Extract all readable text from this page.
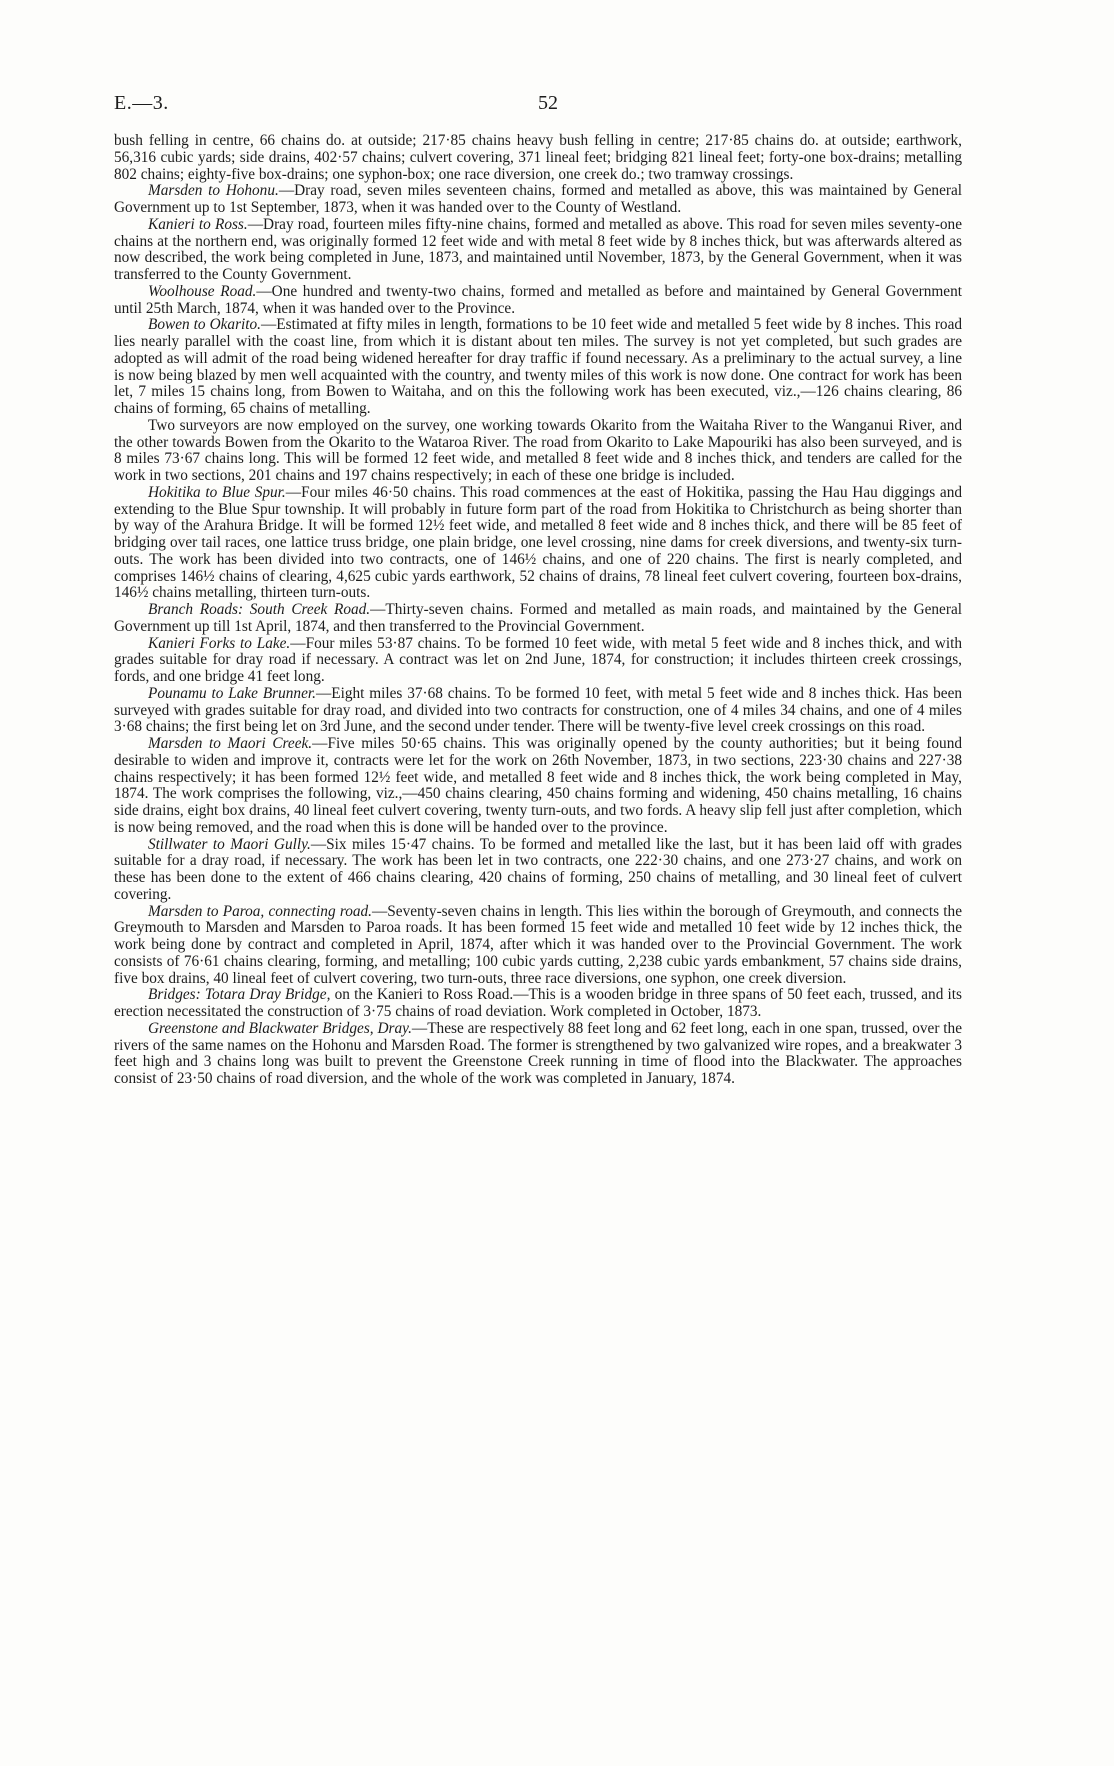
E.—3.	52

bush felling in centre, 66 chains do. at outside; 217·85 chains heavy bush felling in centre; 217·85 chains do. at outside; earthwork, 56,316 cubic yards; side drains, 402·57 chains; culvert covering, 371 lineal feet; bridging 821 lineal feet; forty-one box-drains; metalling 802 chains; eighty-five box-drains; one syphon-box; one race diversion, one creek do.; two tramway crossings.

Marsden to Hohonu.—Dray road, seven miles seventeen chains, formed and metalled as above, this was maintained by General Government up to 1st September, 1873, when it was handed over to the County of Westland.

Kanieri to Ross.—Dray road, fourteen miles fifty-nine chains, formed and metalled as above. This road for seven miles seventy-one chains at the northern end, was originally formed 12 feet wide and with metal 8 feet wide by 8 inches thick, but was afterwards altered as now described, the work being completed in June, 1873, and maintained until November, 1873, by the General Government, when it was transferred to the County Government.

Woolhouse Road.—One hundred and twenty-two chains, formed and metalled as before and maintained by General Government until 25th March, 1874, when it was handed over to the Province.

Bowen to Okarito.—Estimated at fifty miles in length, formations to be 10 feet wide and metalled 5 feet wide by 8 inches. This road lies nearly parallel with the coast line, from which it is distant about ten miles. The survey is not yet completed, but such grades are adopted as will admit of the road being widened hereafter for dray traffic if found necessary. As a preliminary to the actual survey, a line is now being blazed by men well acquainted with the country, and twenty miles of this work is now done. One contract for work has been let, 7 miles 15 chains long, from Bowen to Waitaha, and on this the following work has been executed, viz.,—126 chains clearing, 86 chains of forming, 65 chains of metalling.

Two surveyors are now employed on the survey, one working towards Okarito from the Waitaha River to the Wanganui River, and the other towards Bowen from the Okarito to the Wataroa River. The road from Okarito to Lake Mapouriki has also been surveyed, and is 8 miles 73·67 chains long. This will be formed 12 feet wide, and metalled 8 feet wide and 8 inches thick, and tenders are called for the work in two sections, 201 chains and 197 chains respectively; in each of these one bridge is included.

Hokitika to Blue Spur.—Four miles 46·50 chains. This road commences at the east of Hokitika, passing the Hau Hau diggings and extending to the Blue Spur township. It will probably in future form part of the road from Hokitika to Christchurch as being shorter than by way of the Arahura Bridge. It will be formed 12½ feet wide, and metalled 8 feet wide and 8 inches thick, and there will be 85 feet of bridging over tail races, one lattice truss bridge, one plain bridge, one level crossing, nine dams for creek diversions, and twenty-six turn-outs. The work has been divided into two contracts, one of 146½ chains, and one of 220 chains. The first is nearly completed, and comprises 146½ chains of clearing, 4,625 cubic yards earthwork, 52 chains of drains, 78 lineal feet culvert covering, fourteen box-drains, 146½ chains metalling, thirteen turn-outs.

Branch Roads: South Creek Road.—Thirty-seven chains. Formed and metalled as main roads, and maintained by the General Government up till 1st April, 1874, and then transferred to the Provincial Government.

Kanieri Forks to Lake.—Four miles 53·87 chains. To be formed 10 feet wide, with metal 5 feet wide and 8 inches thick, and with grades suitable for dray road if necessary. A contract was let on 2nd June, 1874, for construction; it includes thirteen creek crossings, fords, and one bridge 41 feet long.

Pounamu to Lake Brunner.—Eight miles 37·68 chains. To be formed 10 feet, with metal 5 feet wide and 8 inches thick. Has been surveyed with grades suitable for dray road, and divided into two contracts for construction, one of 4 miles 34 chains, and one of 4 miles 3·68 chains; the first being let on 3rd June, and the second under tender. There will be twenty-five level creek crossings on this road.

Marsden to Maori Creek.—Five miles 50·65 chains. This was originally opened by the county authorities; but it being found desirable to widen and improve it, contracts were let for the work on 26th November, 1873, in two sections, 223·30 chains and 227·38 chains respectively; it has been formed 12½ feet wide, and metalled 8 feet wide and 8 inches thick, the work being completed in May, 1874. The work comprises the following, viz.,—450 chains clearing, 450 chains forming and widening, 450 chains metalling, 16 chains side drains, eight box drains, 40 lineal feet culvert covering, twenty turn-outs, and two fords. A heavy slip fell just after completion, which is now being removed, and the road when this is done will be handed over to the province.

Stillwater to Maori Gully.—Six miles 15·47 chains. To be formed and metalled like the last, but it has been laid off with grades suitable for a dray road, if necessary. The work has been let in two contracts, one 222·30 chains, and one 273·27 chains, and work on these has been done to the extent of 466 chains clearing, 420 chains of forming, 250 chains of metalling, and 30 lineal feet of culvert covering.

Marsden to Paroa, connecting road.—Seventy-seven chains in length. This lies within the borough of Greymouth, and connects the Greymouth to Marsden and Marsden to Paroa roads. It has been formed 15 feet wide and metalled 10 feet wide by 12 inches thick, the work being done by contract and completed in April, 1874, after which it was handed over to the Provincial Government. The work consists of 76·61 chains clearing, forming, and metalling; 100 cubic yards cutting, 2,238 cubic yards embankment, 57 chains side drains, five box drains, 40 lineal feet of culvert covering, two turn-outs, three race diversions, one syphon, one creek diversion.

Bridges: Totara Dray Bridge, on the Kanieri to Ross Road.—This is a wooden bridge in three spans of 50 feet each, trussed, and its erection necessitated the construction of 3·75 chains of road deviation. Work completed in October, 1873.

Greenstone and Blackwater Bridges, Dray.—These are respectively 88 feet long and 62 feet long, each in one span, trussed, over the rivers of the same names on the Hohonu and Marsden Road. The former is strengthened by two galvanized wire ropes, and a breakwater 3 feet high and 3 chains long was built to prevent the Greenstone Creek running in time of flood into the Blackwater. The approaches consist of 23·50 chains of road diversion, and the whole of the work was completed in January, 1874.
